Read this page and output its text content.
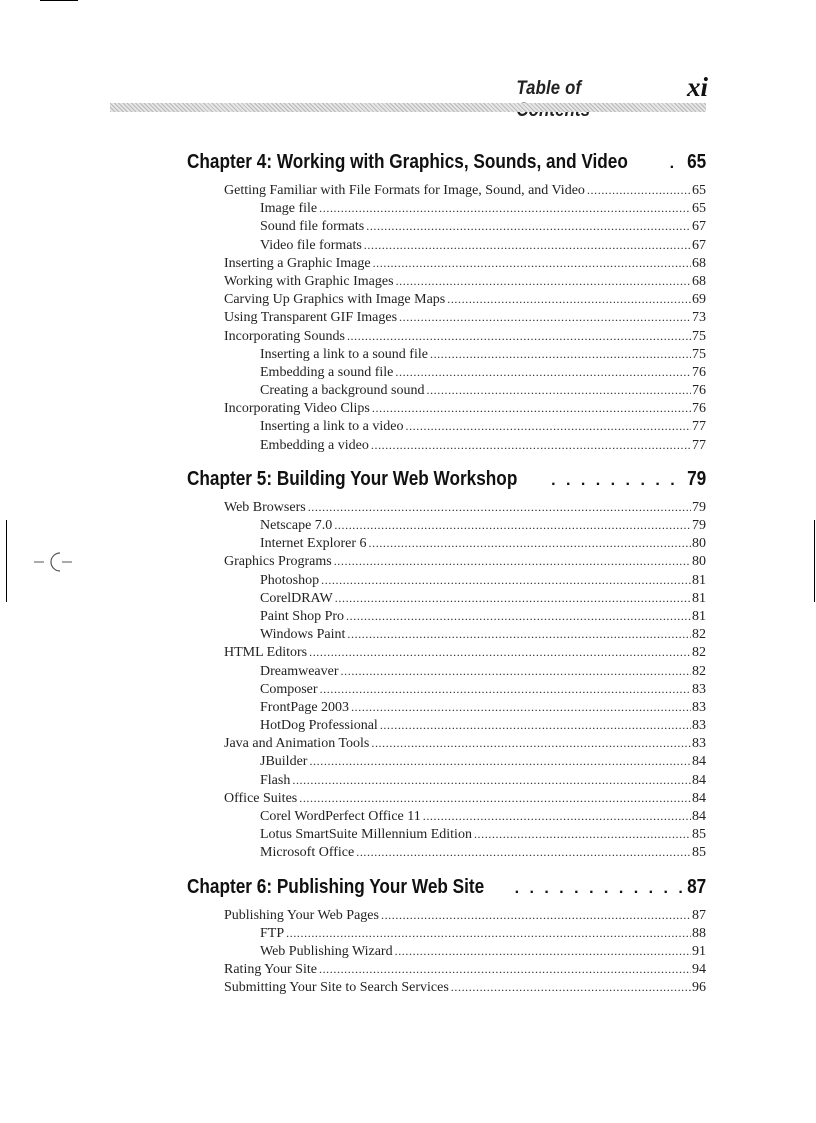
Table of	xi
Chapter 4: Working with Graphics, Sounds, and Video . . .	65
Getting Familiar with File Formats for Image, Sound, and Video .....	65
Image file .....	65
Sound file formats .....	67
Video file formats .....	67
Inserting a Graphic Image .....	68
Working with Graphic Images .....	68
Carving Up Graphics with Image Maps .....	69
Using Transparent GIF Images .....	73
Incorporating Sounds .....	75
Inserting a link to a sound file .....	75
Embedding a sound file .....	76
Creating a background sound .....	76
Incorporating Video Clips .....	76
Inserting a link to a video .....	77
Embedding a video .....	77
Chapter 5: Building Your Web Workshop . . .	79
Web Browsers .....	79
Netscape 7.0 .....	79
Internet Explorer 6 .....	80
Graphics Programs .....	80
Photoshop .....	81
CorelDRAW .....	81
Paint Shop Pro .....	81
Windows Paint .....	82
HTML Editors .....	82
Dreamweaver .....	82
Composer .....	83
FrontPage 2003 .....	83
HotDog Professional .....	83
Java and Animation Tools .....	83
JBuilder .....	84
Flash .....	84
Office Suites .....	84
Corel WordPerfect Office 11 .....	84
Lotus SmartSuite Millennium Edition .....	85
Microsoft Office .....	85
Chapter 6: Publishing Your Web Site . . .	87
Publishing Your Web Pages .....	87
FTP .....	88
Web Publishing Wizard .....	91
Rating Your Site .....	94
Submitting Your Site to Search Services .....	96
